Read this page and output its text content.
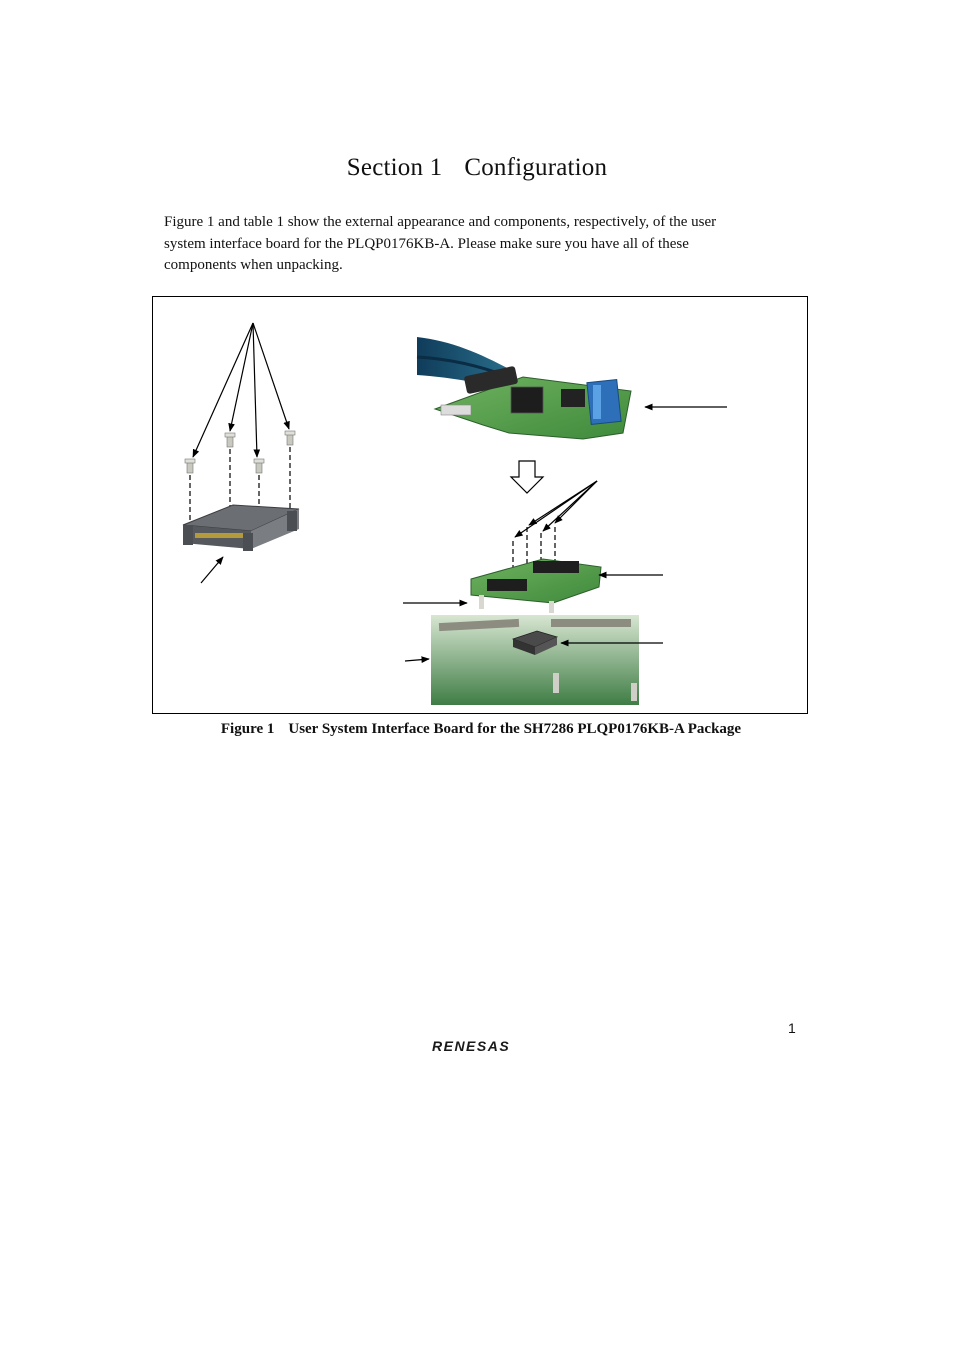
Section 1 Configuration

Figure 1 and table 1 show the external appearance and components, respectively, of the user

system interface board for the PLQP0176KB-A. Please make sure you have all of these

components when unpacking.

Figure 1 User System Interface Board for the SH7286 PLQP0176KB-A Package
1
RENESAS
